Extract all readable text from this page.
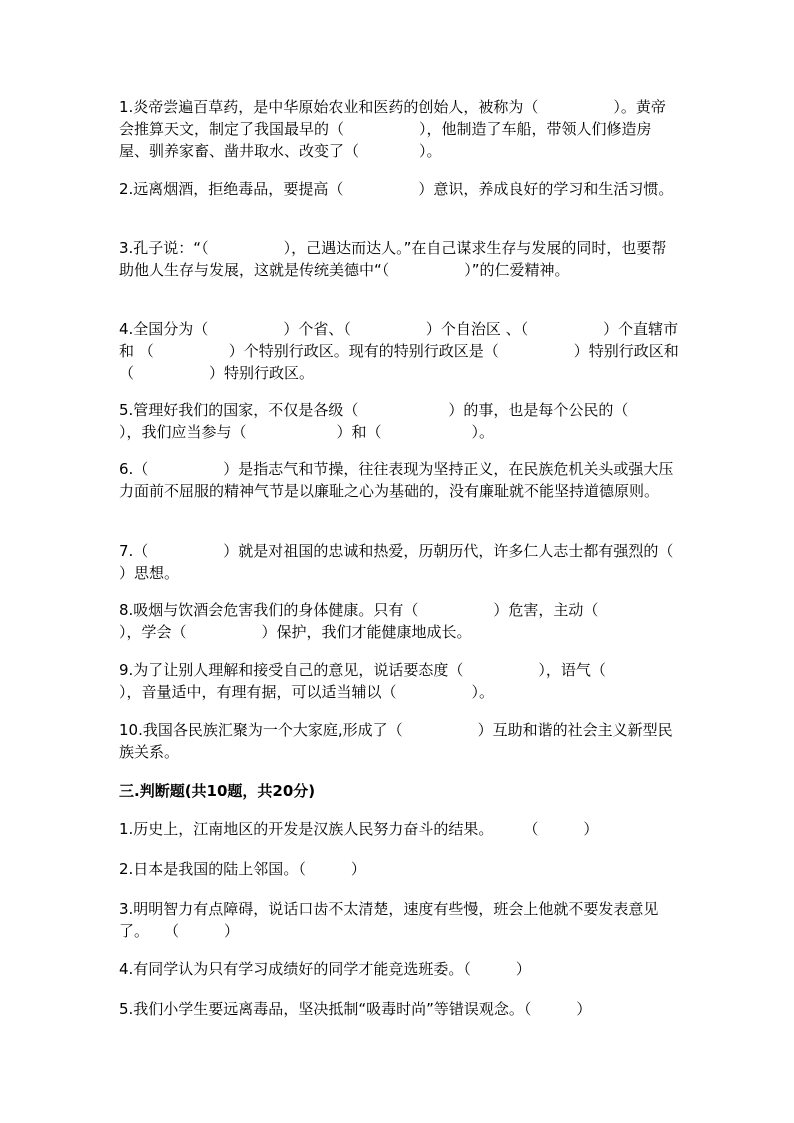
1.炎帝尝遍百草药，是中华原始农业和医药的创始人，被称为（　　　　　）。黄帝会推算天文，制定了我国最早的（　　　　　），他制造了车船，带领人们修造房屋、驯养家畜、凿井取水、改变了（　　　　）。

2.远离烟酒，拒绝毒品，要提高（　　　　　）意识，养成良好的学习和生活习惯。

3.孔子说：“（　　　　　），己遇达而达人。”在自己谋求生存与发展的同时，也要帮助他人生存与发展，这就是传统美德中“（　　　　　）”的仁爱精神。

4.全国分为（　　　　　）个省、（　　　　　）个自治区 、（　　　　　）个直辖市和 （　　　　　）个特别行政区。现有的特别行政区是（　　　　　）特别行政区和（　　　　　）特别行政区。

5.管理好我们的国家，不仅是各级（　　　　　　）的事，也是每个公民的（　　　　　　），我们应当参与（　　　　　　）和（　　　　　　）。

6.（　　　　　）是指志气和节操，往往表现为坚持正义，在民族危机关头或强大压力面前不屈服的精神气节是以廉耻之心为基础的，没有廉耻就不能坚持道德原则。

7.（　　　　　）就是对祖国的忠诚和热爱，历朝历代，许多仁人志士都有强烈的（　　　　　）思想。

8.吸烟与饮酒会危害我们的身体健康。只有（　　　　　）危害，主动（　　　　　），学会（　　　　　）保护，我们才能健康地成长。

9.为了让别人理解和接受自己的意见，说话要态度（　　　　　），语气（　　　　　），音量适中，有理有据，可以适当辅以（　　　　　）。

10.我国各民族汇聚为一个大家庭,形成了（　　　　　）互助和谐的社会主义新型民族关系。

三.判断题(共10题，共20分)

1.历史上，江南地区的开发是汉族人民努力奋斗的结果。　　　（　　　）

2.日本是我国的陆上邻国。（　　　）

3.明明智力有点障碍，说话口齿不太清楚，速度有些慢，班会上他就不要发表意见了。　　（　　　）

4.有同学认为只有学习成绩好的同学才能竞选班委。（　　　）

5.我们小学生要远离毒品，坚决抵制“吸毒时尚”等错误观念。（　　　）
